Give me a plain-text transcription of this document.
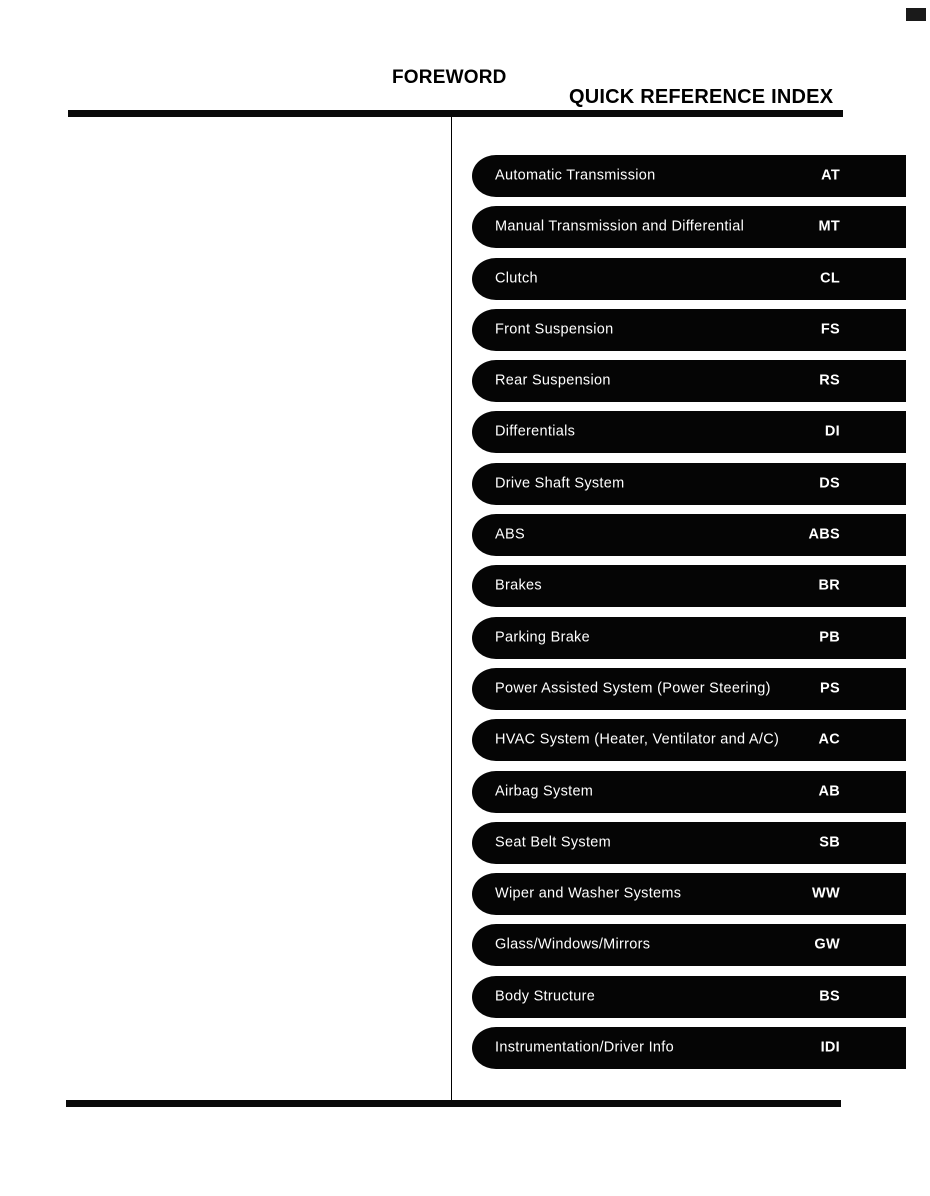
FOREWORD
QUICK REFERENCE INDEX
Automatic Transmission	AT
Manual Transmission and Differential	MT
Clutch	CL
Front Suspension	FS
Rear Suspension	RS
Differentials	DI
Drive Shaft System	DS
ABS	ABS
Brakes	BR
Parking Brake	PB
Power Assisted System (Power Steering)	PS
HVAC System (Heater, Ventilator and A/C)	AC
Airbag System	AB
Seat Belt System	SB
Wiper and Washer Systems	WW
Glass/Windows/Mirrors	GW
Body Structure	BS
Instrumentation/Driver Info	IDI
